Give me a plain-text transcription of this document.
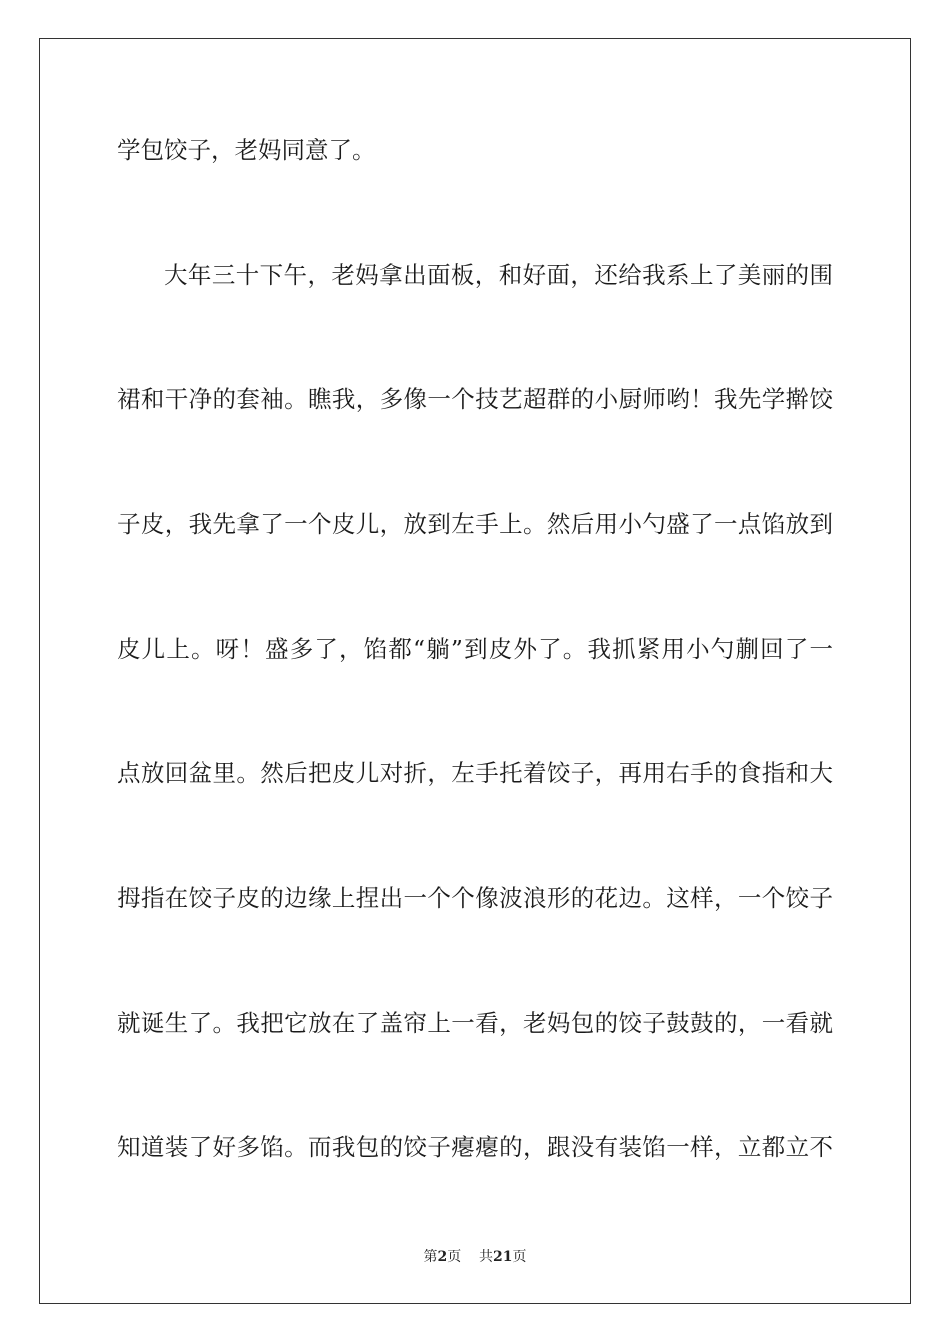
学包饺子，老妈同意了。
大年三十下午，老妈拿出面板，和好面，还给我系上了美丽的围
裙和干净的套袖。瞧我，多像一个技艺超群的小厨师哟！我先学擀饺
子皮，我先拿了一个皮儿，放到左手上。然后用小勺盛了一点馅放到
皮儿上。呀！盛多了，馅都“躺”到皮外了。我抓紧用小勺蒯回了一
点放回盆里。然后把皮儿对折，左手托着饺子，再用右手的食指和大
拇指在饺子皮的边缘上捏出一个个像波浪形的花边。这样，一个饺子
就诞生了。我把它放在了盖帘上一看，老妈包的饺子鼓鼓的，一看就
知道装了好多馅。而我包的饺子瘪瘪的，跟没有装馅一样，立都立不
第2页 共21页
